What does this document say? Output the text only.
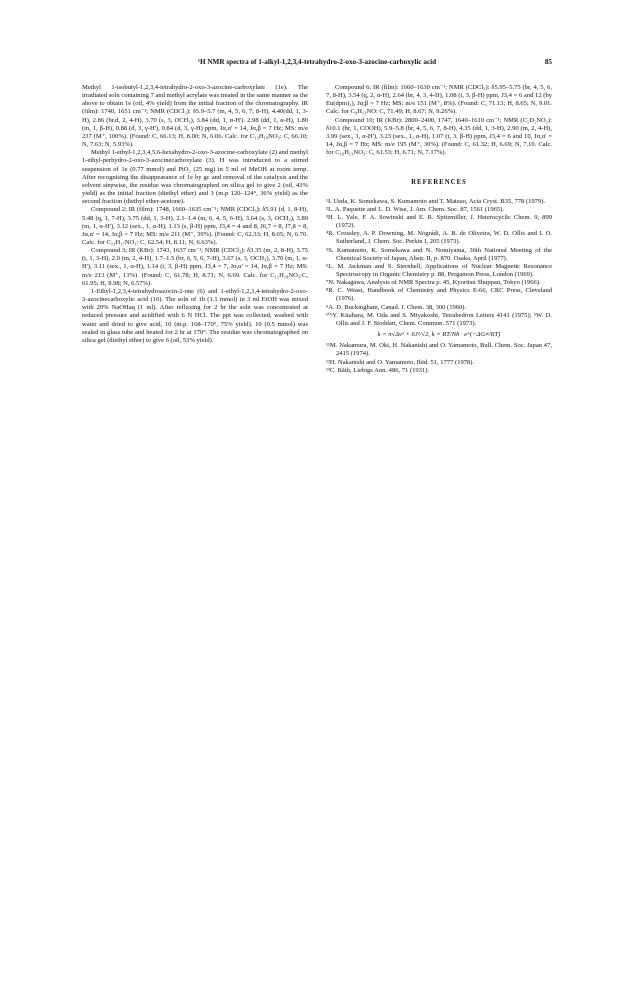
¹H NMR spectra of 1-alkyl-1,2,3,4-tetrahydro-2-oxo-3-azocine-carboxylic acid	85

Methyl 1-isobutyl-1,2,3,4-tetrahydro-2-oxo-3-azocine-carboxylate (1e). The irradiated soln containing 7 and methyl acrylate was treated in the same manner as the above to obtain 1e (oil, 4% yield) from the initial fraction of the chromatography. IR (film): 1740, 1651 cm⁻¹; NMR (CDCl₃): δ5.9–5.7 (m, 4, 5, 6, 7, 8-H), 4.40(dd, 1, 3-H), 2.86 (br.d, 2, 4-H), 3.70 (s, 3, OCH₃), 3.84 (dd, 1, α-H'). 2.98 (dd, 1, α-H), 1.80 (m, 1, β-H), 0.88 (d, 3, γ-H'), 0.84 (d, 3, γ-H) ppm, Jα,α' = 14, Jα,β = 7 Hz; MS: m/e 237 (M⁺, 100%). (Found: C, 66.13; H, 8.00; N, 6.06. Calc. for C₁₃H₁₉NO₃: C, 66.10; N, 7.63; N, 5.93%).

Methyl 1-ethyl-1,2,3,4,5,6-hexahydro-2-oxo-3-azocine-carboxylate (2) and methyl 1-ethyl-perhydro-2-oxo-3-azocinecarboxylate (3). H was introduced to a stirred suspension of 1e (0.77 mmol) and PtO₂ (25 mg) in 5 ml of MeOH at room temp. After recognising the disappearance of 1e by gc and removal of the catalysis and the solvent stepwise, the residue was chromatographed on silica gel to give 2 (oil, 43% yield) as the initial fraction (diethyl ether) and 3 (m.p 120–124°, 36% yield) as the second fraction (diethyl ether-acetone).

Compound 2; IR (film): 1748, 1660–1635 cm⁻¹; NMR (CDCl₃): δ5.91 (d, 1, 8-H), 5.48 (q, 1, 7-H), 3.75 (dd, 1, 3-H), 2.1–1.4 (m, 6, 4, 5, 6-H), 3.64 (s, 3, OCH₃), 3.89 (m, 1, α-H'), 3.12 (sex., 1, α-H), 1.13 (s, β-H) ppm, J3,4 = 4 and 8, J6,7 = 8, J7,8 = 8, Jα,α' = 14, Jα,β = 7 Hz; MS: m/e 211 (M⁺, 39%). (Found: C, 62.33; H, 8.05; N, 6.70. Calc. for C₁₁H₁₇NO₃: C, 62.54; H, 8.11; N, 6.63%).

Compound 3; IR (KBr): 1743, 1637 cm⁻¹; NMR (CDCl₃): δ3.35 (m, 2, 8-H), 3.75 (t, 1, 3-H), 2.0 (m, 2, 4-H), 1.7–1.5 (br, 6, 5, 6, 7-H), 3.67 (s, 3, OCH₃), 3.70 (m, 1, α-H'), 3.11 (sex., 1, α-H), 1.14 (t, 3, β-H) ppm, J3,4 = 7, Jα,α' = 14, Jα,β = 7 Hz; MS: m/e 213 (M⁺, 13%). (Found: C, 61.78; H, 8.71; N, 6.69. Calc. for C₁₁H₁₉NO₃:C, 61.95; H, 8.98; N, 6.57%).

1-Ethyl-1,2,3,4-tetrahydroazocin-2-one (6) and 1-ethyl-1,2,3,4-tetrahydro-2-oxo-3-azocinecarboxylic acid (10). The soln of 1b (1.1 mmol) in 3 ml EtOH was mixed with 20% NaOHaq (1 ml). After refluxing for 2 hr the soln was concentrated at reduced pressure and acidified with 6 N HCl. The ppt was collected, washed with water and dried to give acid, 10 (m.p. 168–170°, 75% yield). 10 (0.5 mmol) was sealed in glass tube and heated for 2 hr at 170°. The residue was chromatographed on silica gel (diethyl ether) to give 6 (oil, 53% yield).

Compound 6; IR (film): 1660–1630 cm⁻¹; NMR (CDCl₃): δ5.95–5.75 (br, 4, 5, 6, 7, 8-H), 3.54 (q, 2, α-H), 2.64 (br, 4, 3, 4-H), 1.08 (t, 3, β-H) ppm, J3,4 = 6 and 12 (by Eu(dpm)₃), Jα,β = 7 Hz; MS: m/e 151 (M⁺, 8%). (Found: C, 71.13; H, 8.65; N, 9.01. Calc. for C₉H₁₃NO: C, 71.49; H, 8.67; N, 9.26%).

Compound 10; IR (KBr): 2800–2400, 1747, 1640–1610 cm⁻¹; NMR (C₅D₅NO₂): δ10.1 (br, 1, COOH), 5.9–5.8 (br, 4, 5, 6, 7, 8-H), 4.35 (dd, 1, 3-H), 2.90 (m, 2, 4-H), 3.99 (sex., 1, α-H'), 3.23 (sex., 1, α-H), 1.07 (t, 3, β-H) ppm, J3,4 = 6 and 10, Jα,α' = 14, Jα,β = 7 Hz; MS: m/e 195 (M⁺, 30%). (Found: C, 61.32; H, 6.69; N, 7.10. Calc. for C₁₀H₁₃NO₃: C, 61.53; H, 6.71; N, 7.17%).

REFERENCES
¹I. Ueda, K. Somekawa, S. Kumamoto and T. Matsuo, Acta Cryst. B35, 778 (1979).
²L. A. Paquette and L. D. Wise, J. Am. Chem. Soc. 87, 1561 (1965).
³H. L. Yale, F. A. Sowinski and E. R. Spitzmiller, J. Heterocyclic Chem. 9, 899 (1972).
⁴R. Crossley, A. P. Downing, M. Nógrádi, A. B. de Oliveira, W. D. Ollis and I. O. Sutherland, J. Chem. Soc. Perkin I, 205 (1973).
⁵S. Kumamoto, K. Somekawa and N. Nomiyama, 36th National Meeting of the Chemical Society of Japan, Abstr. II, p. 870. Osaka, April (1977).
⁶L. M. Jackman and S. Sternhell, Applications of Nuclear Magnetic Resonance Spectroscopy in Organic Chemistry p. 88, Pergamon Press, London (1969).
⁷N. Nakagawa, Analysis of NMR Spectra p. 45, Kyoritsu Shuppan, Tokyo (1966).
⁸R. C. Weast, Handbook of Chemistry and Physics E-66, CRC Press, Cleveland (1976).
⁹A. D. Buckingham, Canad. J. Chem. 38, 300 (1960).
¹⁰ᵃY. Kitahara, M. Oda and S. Miyakoshi, Tetrahedron Letters 4141 (1975); ᵇW. D. Ollis and J. F. Stoddart, Chem. Commun. 571 (1973).
k = π√Δν² + 6J²/√2, k = RT/Nh · e^(−ΔG≠/RT)
¹¹M. Nakamura, M. Oki, H. Nakanishi and O. Yamamoto, Bull. Chem. Soc. Japan 47, 2415 (1974).
¹²H. Nakanishi and O. Yamamoto, Ibid. 51, 1777 (1978).
¹³C. Răth, Liebigs Ann. 486, 71 (1931).
